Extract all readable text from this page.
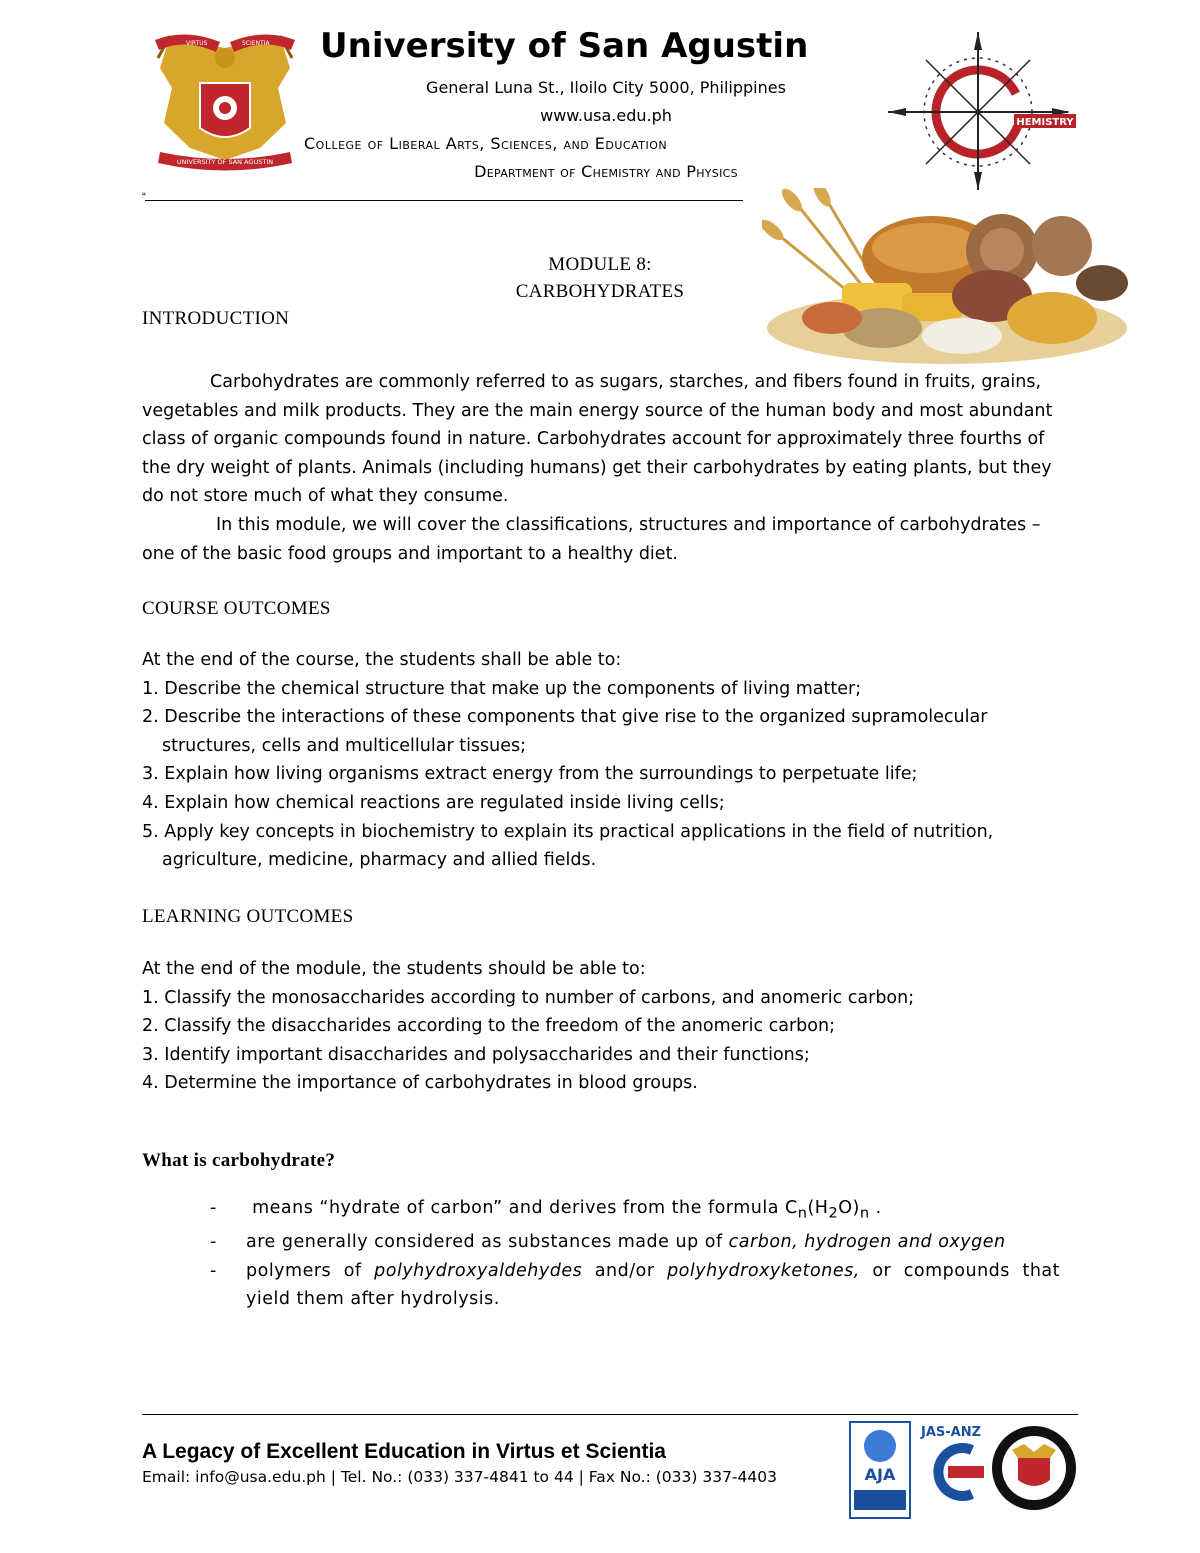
VIRTUS	SCIENTIA
UNIVERSITY OF SAN AGUSTIN
University of San Agustin
General Luna St., Iloilo City 5000, Philippines
www.usa.edu.ph
College of Liberal Arts, Sciences, and Education
Department of Chemistry and Physics
HEMISTRY
“
MODULE 8:
CARBOHYDRATES
INTRODUCTION
Carbohydrates are commonly referred to as sugars, starches, and fibers found in fruits, grains, vegetables and milk products. They are the main energy source of the human body and most abundant class of organic compounds found in nature. Carbohydrates account for approximately three fourths of the dry weight of plants. Animals (including humans) get their carbohydrates by eating plants, but they do not store much of what they consume.
In this module, we will cover the classifications, structures and importance of carbohydrates – one of the basic food groups and important to a healthy diet.
COURSE OUTCOMES
At the end of the course, the students shall be able to:
1. Describe the chemical structure that make up the components of living matter;
2. Describe the interactions of these components that give rise to the organized supramolecular structures, cells and multicellular tissues;
3. Explain how living organisms extract energy from the surroundings to perpetuate life;
4. Explain how chemical reactions are regulated inside living cells;
5. Apply key concepts in biochemistry to explain its practical applications in the field of nutrition, agriculture, medicine, pharmacy and allied fields.
LEARNING OUTCOMES
At the end of the module, the students should be able to:
1. Classify the monosaccharides according to number of carbons, and anomeric carbon;
2. Classify the disaccharides according to the freedom of the anomeric carbon;
3. Identify important disaccharides and polysaccharides and their functions;
4. Determine the importance of carbohydrates in blood groups.
What is carbohydrate?
- means “hydrate of carbon” and derives from the formula $C_n(H_2O)_n$ .
- are generally considered as substances made up of carbon, hydrogen and oxygen
- polymers of polyhydroxyaldehydes and/or polyhydroxyketones, or compounds that yield them after hydrolysis.
A Legacy of Excellent Education in Virtus et Scientia
Email: info@usa.edu.ph | Tel. No.: (033) 337-4841 to 44 | Fax No.: (033) 337-4403	AJA
JAS-ANZ
